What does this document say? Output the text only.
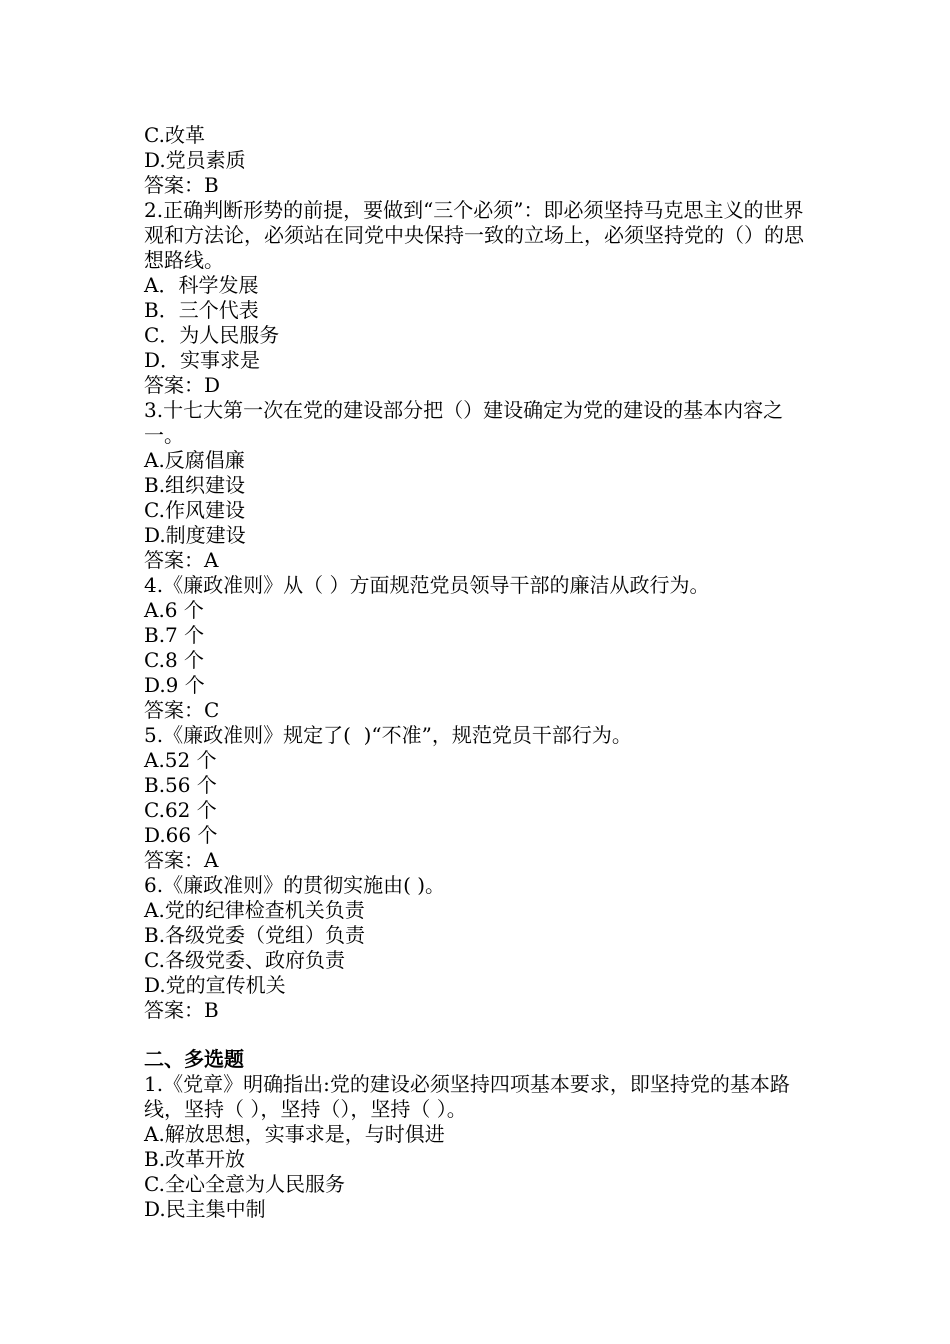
C.改革
D.党员素质
答案：B
2.正确判断形势的前提，要做到“三个必须”：即必须坚持马克思主义的世界观和方法论，必须站在同党中央保持一致的立场上，必须坚持党的（）的思想路线。
A．科学发展
B．三个代表
C．为人民服务
D．实事求是
答案：D
3.十七大第一次在党的建设部分把（）建设确定为党的建设的基本内容之一。
A.反腐倡廉
B.组织建设
C.作风建设
D.制度建设
答案：A
4.《廉政准则》从（ ）方面规范党员领导干部的廉洁从政行为。
A.6 个
B.7 个
C.8 个
D.9 个
答案：C
5.《廉政准则》规定了(  )“不准”，规范党员干部行为。
A.52 个
B.56 个
C.62 个
D.66 个
答案：A
6.《廉政准则》的贯彻实施由( )。
A.党的纪律检查机关负责
B.各级党委（党组）负责
C.各级党委、政府负责
D.党的宣传机关
答案：B
二、多选题
1.《党章》明确指出:党的建设必须坚持四项基本要求，即坚持党的基本路线，坚持（ ），坚持（），坚持（ ）。
A.解放思想，实事求是，与时俱进
B.改革开放
C.全心全意为人民服务
D.民主集中制
